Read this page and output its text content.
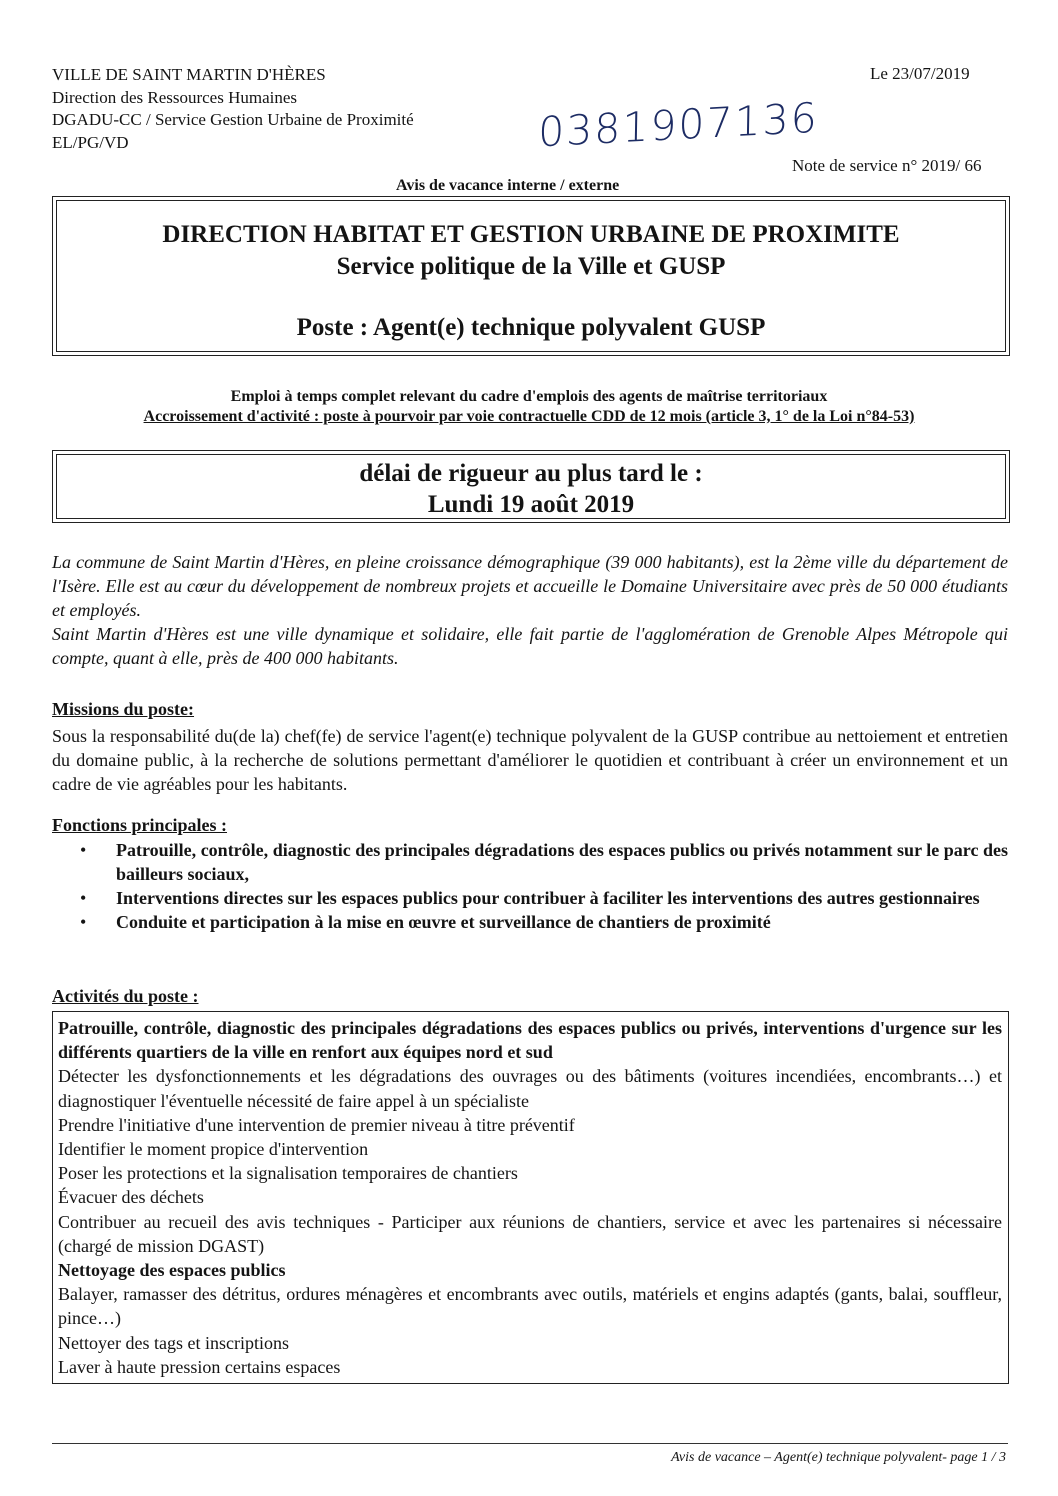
VILLE DE SAINT MARTIN D'HÈRES
Direction des Ressources Humaines
DGADU-CC / Service Gestion Urbaine de Proximité
EL/PG/VD
Le 23/07/2019
0381907136
Note de service n° 2019/ 66
Avis de vacance interne / externe
DIRECTION HABITAT ET GESTION URBAINE DE PROXIMITE
Service politique de la Ville et GUSP
Poste : Agent(e) technique polyvalent GUSP
Emploi à temps complet relevant du cadre d'emplois des agents de maîtrise territoriaux
Accroissement d'activité : poste à pourvoir par voie contractuelle CDD de 12 mois (article 3, 1° de la Loi n°84-53)
délai de rigueur au plus tard le :
Lundi 19 août 2019

La commune de Saint Martin d'Hères, en pleine croissance démographique (39 000 habitants), est la 2ème ville du département de l'Isère. Elle est au cœur du développement de nombreux projets et accueille le Domaine Universitaire avec près de 50 000 étudiants et employés.

Saint Martin d'Hères est une ville dynamique et solidaire, elle fait partie de l'agglomération de Grenoble Alpes Métropole qui compte, quant à elle, près de 400 000 habitants.

Missions du poste:
Sous la responsabilité du(de la) chef(fe) de service l'agent(e) technique polyvalent de la GUSP contribue au nettoiement et entretien du domaine public, à la recherche de solutions permettant d'améliorer le quotidien et contribuant à créer un environnement et un cadre de vie agréables pour les habitants.
Fonctions principales :
• Patrouille, contrôle, diagnostic des principales dégradations des espaces publics ou privés notamment sur le parc des bailleurs sociaux,
• Interventions directes sur les espaces publics pour contribuer à faciliter les interventions des autres gestionnaires
• Conduite et participation à la mise en œuvre et surveillance de chantiers de proximité
Activités du poste :
Patrouille, contrôle, diagnostic des principales dégradations des espaces publics ou privés, interventions d'urgence sur les différents quartiers de la ville en renfort aux équipes nord et sud
Détecter les dysfonctionnements et les dégradations des ouvrages ou des bâtiments (voitures incendiées, encombrants…) et diagnostiquer l'éventuelle nécessité de faire appel à un spécialiste
Prendre l'initiative d'une intervention de premier niveau à titre préventif
Identifier le moment propice d'intervention
Poser les protections et la signalisation temporaires de chantiers
Évacuer des déchets
Contribuer au recueil des avis techniques - Participer aux réunions de chantiers, service et avec les partenaires si nécessaire (chargé de mission DGAST)
Nettoyage des espaces publics
Balayer, ramasser des détritus, ordures ménagères et encombrants avec outils, matériels et engins adaptés (gants, balai, souffleur, pince…)
Nettoyer des tags et inscriptions
Laver à haute pression certains espaces
Avis de vacance – Agent(e) technique polyvalent- page 1 / 3
